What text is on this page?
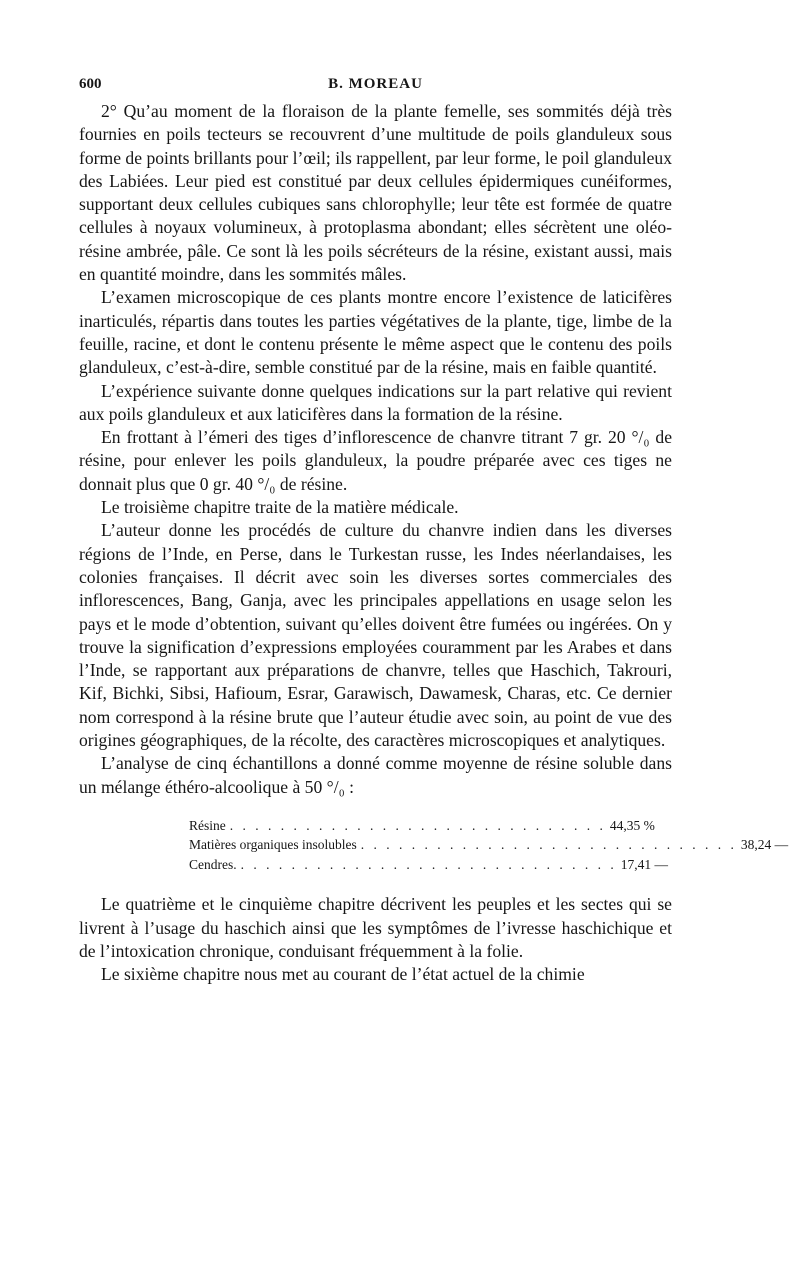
600	B. MOREAU

2° Qu’au moment de la floraison de la plante femelle, ses sommités déjà très fournies en poils tecteurs se recouvrent d’une multitude de poils glanduleux sous forme de points brillants pour l’œil; ils rappellent, par leur forme, le poil glanduleux des Labiées. Leur pied est constitué par deux cellules épidermiques cunéiformes, supportant deux cellules cubiques sans chlorophylle; leur tête est formée de quatre cellules à noyaux volumineux, à protoplasma abondant; elles sécrètent une oléo-résine ambrée, pâle. Ce sont là les poils sécréteurs de la résine, existant aussi, mais en quantité moindre, dans les sommités mâles.

L’examen microscopique de ces plants montre encore l’existence de laticifères inarticulés, répartis dans toutes les parties végétatives de la plante, tige, limbe de la feuille, racine, et dont le contenu présente le même aspect que le contenu des poils glanduleux, c’est-à-dire, semble constitué par de la résine, mais en faible quantité.

L’expérience suivante donne quelques indications sur la part relative qui revient aux poils glanduleux et aux laticifères dans la formation de la résine.

En frottant à l’émeri des tiges d’inflorescence de chanvre titrant 7 gr. 20 °/₀ de résine, pour enlever les poils glanduleux, la poudre préparée avec ces tiges ne donnait plus que 0 gr. 40 °/₀ de résine.

Le troisième chapitre traite de la matière médicale.

L’auteur donne les procédés de culture du chanvre indien dans les diverses régions de l’Inde, en Perse, dans le Turkestan russe, les Indes néerlandaises, les colonies françaises. Il décrit avec soin les diverses sortes commerciales des inflorescences, Bang, Ganja, avec les principales appellations en usage selon les pays et le mode d’obtention, suivant qu’elles doivent être fumées ou ingérées. On y trouve la signification d’expressions employées couramment par les Arabes et dans l’Inde, se rapportant aux préparations de chanvre, telles que Haschich, Takrouri, Kif, Bichki, Sibsi, Hafioum, Esrar, Garawisch, Dawamesk, Charas, etc. Ce dernier nom correspond à la résine brute que l’auteur étudie avec soin, au point de vue des origines géographiques, de la récolte, des caractères microscopiques et analytiques.

L’analyse de cinq échantillons a donné comme moyenne de résine soluble dans un mélange éthéro-alcoolique à 50 °/₀ :

Résine . . . . . . . . . . . . . . . . . . . . . . . . . . . . . . 44,35 %
Matières organiques insolubles . . . . . . . . . . . . . . . . . . . . . . . . . . . . . . 38,24 —
Cendres. . . . . . . . . . . . . . . . . . . . . . . . . . . . . . . 17,41 —

Le quatrième et le cinquième chapitre décrivent les peuples et les sectes qui se livrent à l’usage du haschich ainsi que les symptômes de l’ivresse haschichique et de l’intoxication chronique, conduisant fréquemment à la folie.

Le sixième chapitre nous met au courant de l’état actuel de la chimie
